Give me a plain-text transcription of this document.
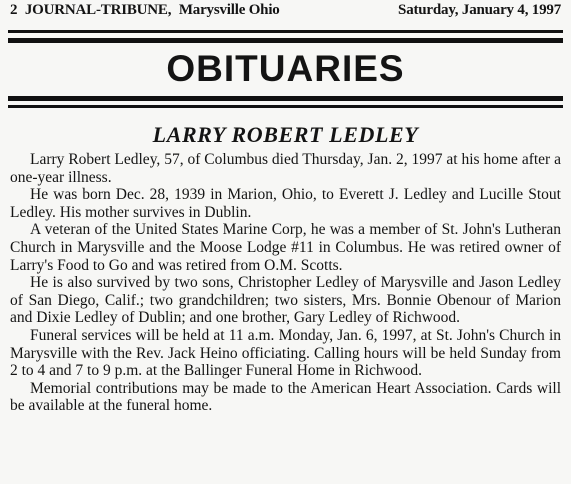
2 JOURNAL-TRIBUNE, Marysville Ohio	Saturday, January 4, 1997
OBITUARIES
LARRY ROBERT LEDLEY

Larry Robert Ledley, 57, of Columbus died Thursday, Jan. 2, 1997 at his home after a one-year illness.

He was born Dec. 28, 1939 in Marion, Ohio, to Everett J. Ledley and Lucille Stout Ledley. His mother survives in Dublin.

A veteran of the United States Marine Corp, he was a member of St. John's Lutheran Church in Marysville and the Moose Lodge #11 in Columbus. He was retired owner of Larry's Food to Go and was retired from O.M. Scotts.

He is also survived by two sons, Christopher Ledley of Marysville and Jason Ledley of San Diego, Calif.; two grandchildren; two sisters, Mrs. Bonnie Obenour of Marion and Dixie Ledley of Dublin; and one brother, Gary Ledley of Richwood.

Funeral services will be held at 11 a.m. Monday, Jan. 6, 1997, at St. John's Church in Marysville with the Rev. Jack Heino officiating. Calling hours will be held Sunday from 2 to 4 and 7 to 9 p.m. at the Ballinger Funeral Home in Richwood.

Memorial contributions may be made to the American Heart Association. Cards will be available at the funeral home.
